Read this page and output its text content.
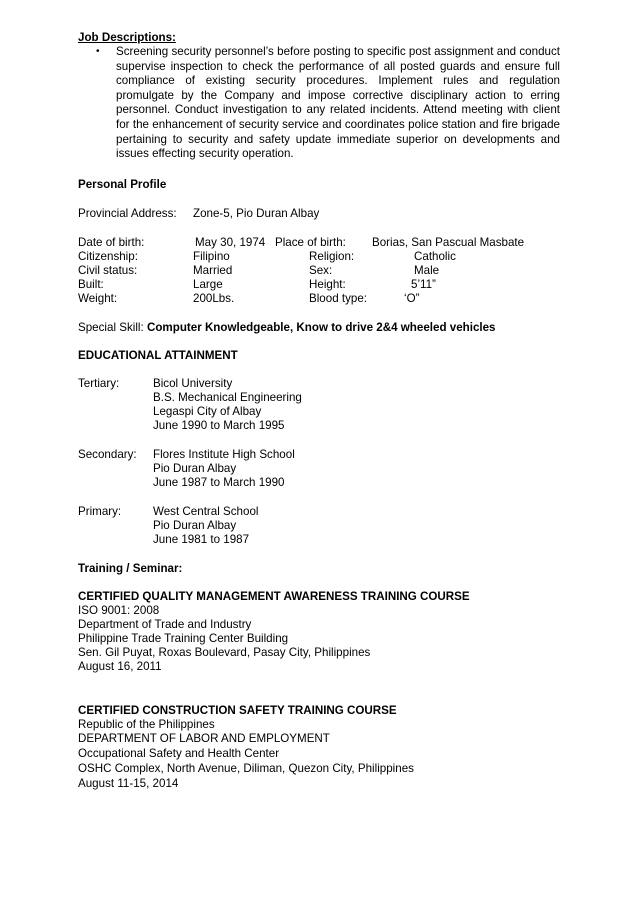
Job Descriptions:
• Screening security personnel’s before posting to specific post assignment and conduct supervise inspection to check the performance of all posted guards and ensure full compliance of existing security procedures. Implement rules and regulation promulgate by the Company and impose corrective disciplinary action to erring personnel. Conduct investigation to any related incidents. Attend meeting with client for the enhancement of security service and coordinates police station and fire brigade pertaining to security and safety update immediate superior on developments and issues effecting security operation.
Personal Profile
Provincial Address: Zone-5, Pio Duran Albay
Date of birth:	May 30, 1974 Place of birth: Borias, San Pascual Masbate
Citizenship:	Filipino	Religion:	Catholic
Civil status:	Married	Sex:	Male
Built:	Large	Height:	5’11”
Weight:	200Lbs.	Blood type:	‘O”
Special Skill: Computer Knowledgeable, Know to drive 2&4 wheeled vehicles
EDUCATIONAL ATTAINMENT
Tertiary:	Bicol University
B.S. Mechanical Engineering
Legaspi City of Albay
June 1990 to March 1995
Secondary: Flores Institute High School
Pio Duran Albay
June 1987 to March 1990
Primary:	West Central School
Pio Duran Albay
June 1981 to 1987
Training / Seminar:
CERTIFIED QUALITY MANAGEMENT AWARENESS TRAINING COURSE
ISO 9001: 2008
Department of Trade and Industry
Philippine Trade Training Center Building
Sen. Gil Puyat, Roxas Boulevard, Pasay City, Philippines
August 16, 2011
CERTIFIED CONSTRUCTION SAFETY TRAINING COURSE
Republic of the Philippines
DEPARTMENT OF LABOR AND EMPLOYMENT
Occupational Safety and Health Center
OSHC Complex, North Avenue, Diliman, Quezon City, Philippines
August 11-15, 2014
